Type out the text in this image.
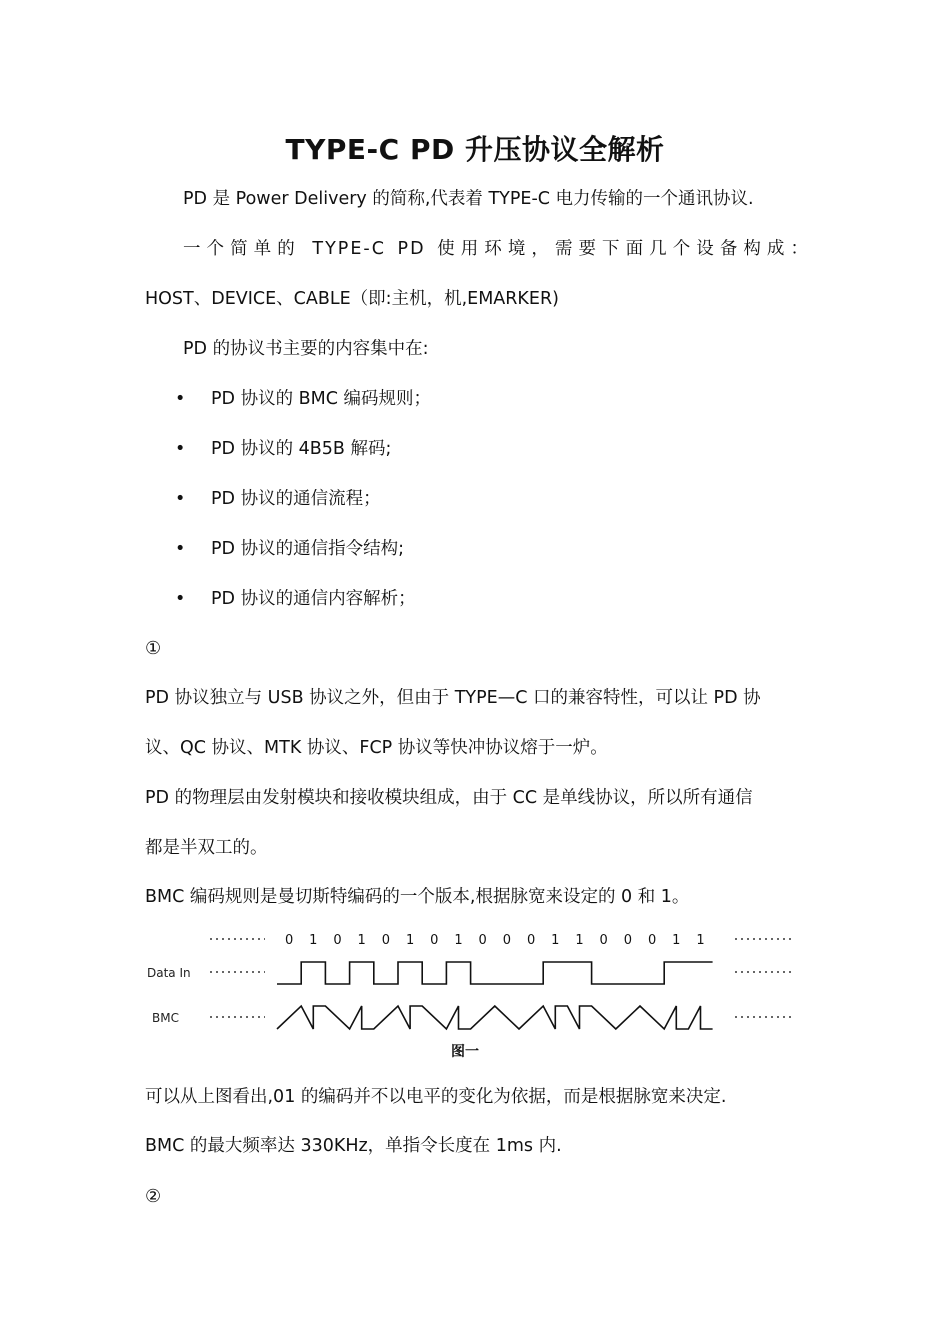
TYPE-C PD 升压协议全解析

PD 是 Power Delivery 的简称,代表着 TYPE-C 电力传输的一个通讯协议.

一个简单的 TYPE-C PD 使用环境，需要下面几个设备构成：

HOST、DEVICE、CABLE（即:主机，机,EMARKER)

PD 的协议书主要的内容集中在:

• PD 协议的 BMC 编码规则；
• PD 协议的 4B5B 解码;
• PD 协议的通信流程；
• PD 协议的通信指令结构;
• PD 协议的通信内容解析；
①

PD 协议独立与 USB 协议之外，但由于 TYPE—C 口的兼容特性，可以让 PD 协

议、QC 协议、MTK 协议、FCP 协议等快冲协议熔于一炉。

PD 的物理层由发射模块和接收模块组成，由于 CC 是单线协议，所以所有通信

都是半双工的。

BMC 编码规则是曼切斯特编码的一个版本,根据脉宽来设定的 0 和 1。

0 1 0 1 0 1 0 1 0 0 0 1 1 0 0 0 1 1
Data In
BMC
图一

可以从上图看出,01 的编码并不以电平的变化为依据，而是根据脉宽来决定.

BMC 的最大频率达 330KHz，单指令长度在 1ms 内.

②
